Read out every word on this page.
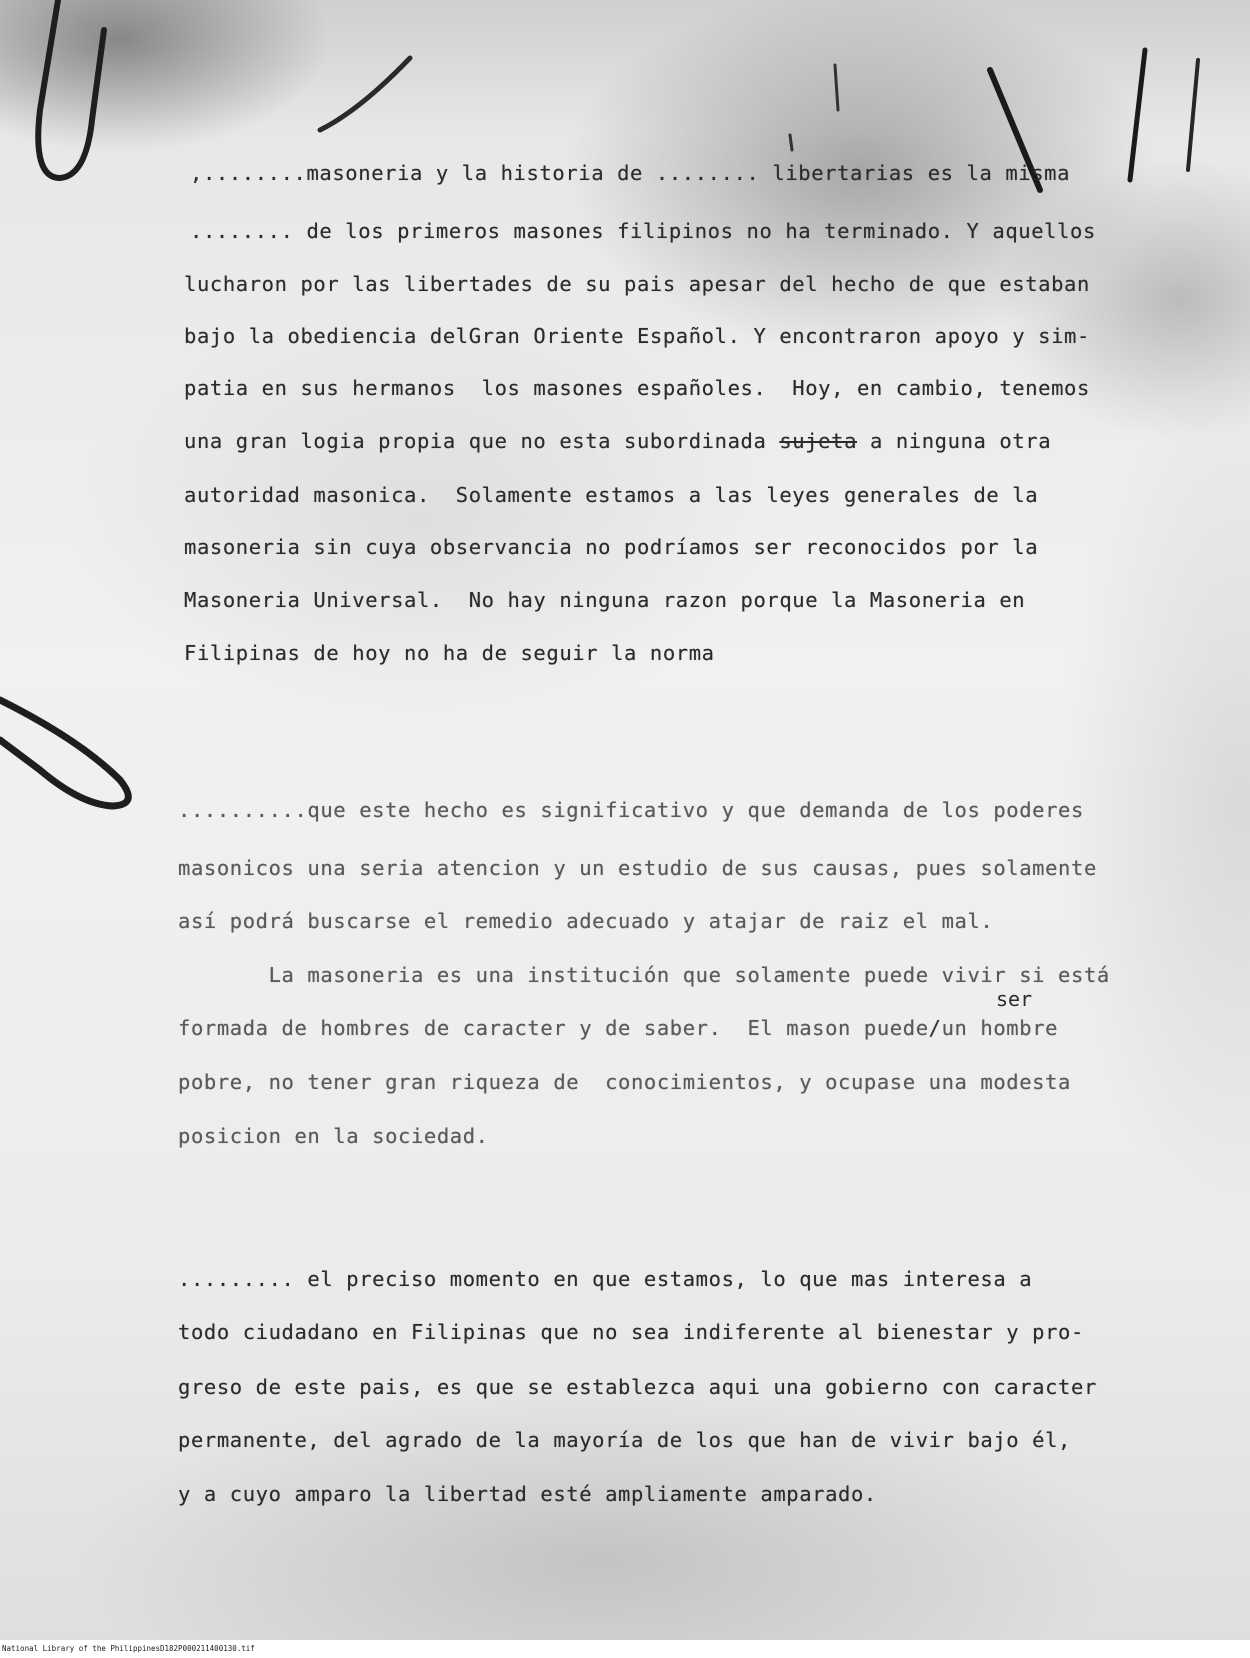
,........masoneria y la historia de ........ libertarias es la misma
........ de los primeros masones filipinos no ha terminado. Y aquellos
lucharon por las libertades de su pais apesar del hecho de que estaban
bajo la obediencia delGran Oriente Español. Y encontraron apoyo y sim-
patia en sus hermanos  los masones españoles.  Hoy, en cambio, tenemos
una gran logia propia que no esta subordinada sujeta a ninguna otra
autoridad masonica.  Solamente estamos a las leyes generales de la
masoneria sin cuya observancia no podríamos ser reconocidos por la
Masoneria Universal.  No hay ninguna razon porque la Masoneria en
Filipinas de hoy no ha de seguir la norma
..........que este hecho es significativo y que demanda de los poderes
masonicos una seria atencion y un estudio de sus causas, pues solamente
así podrá buscarse el remedio adecuado y atajar de raiz el mal.
La masoneria es una institución que solamente puede vivir si está
ser
formada de hombres de caracter y de saber.  El mason puede/un hombre
pobre, no tener gran riqueza de  conocimientos, y ocupase una modesta
posicion en la sociedad.
......... el preciso momento en que estamos, lo que mas interesa a
todo ciudadano en Filipinas que no sea indiferente al bienestar y pro-
greso de este pais, es que se establezca aqui una gobierno con caracter
permanente, del agrado de la mayoría de los que han de vivir bajo él,
y a cuyo amparo la libertad esté ampliamente amparado.
National Library of the Philippines D182P000211400130.tif
